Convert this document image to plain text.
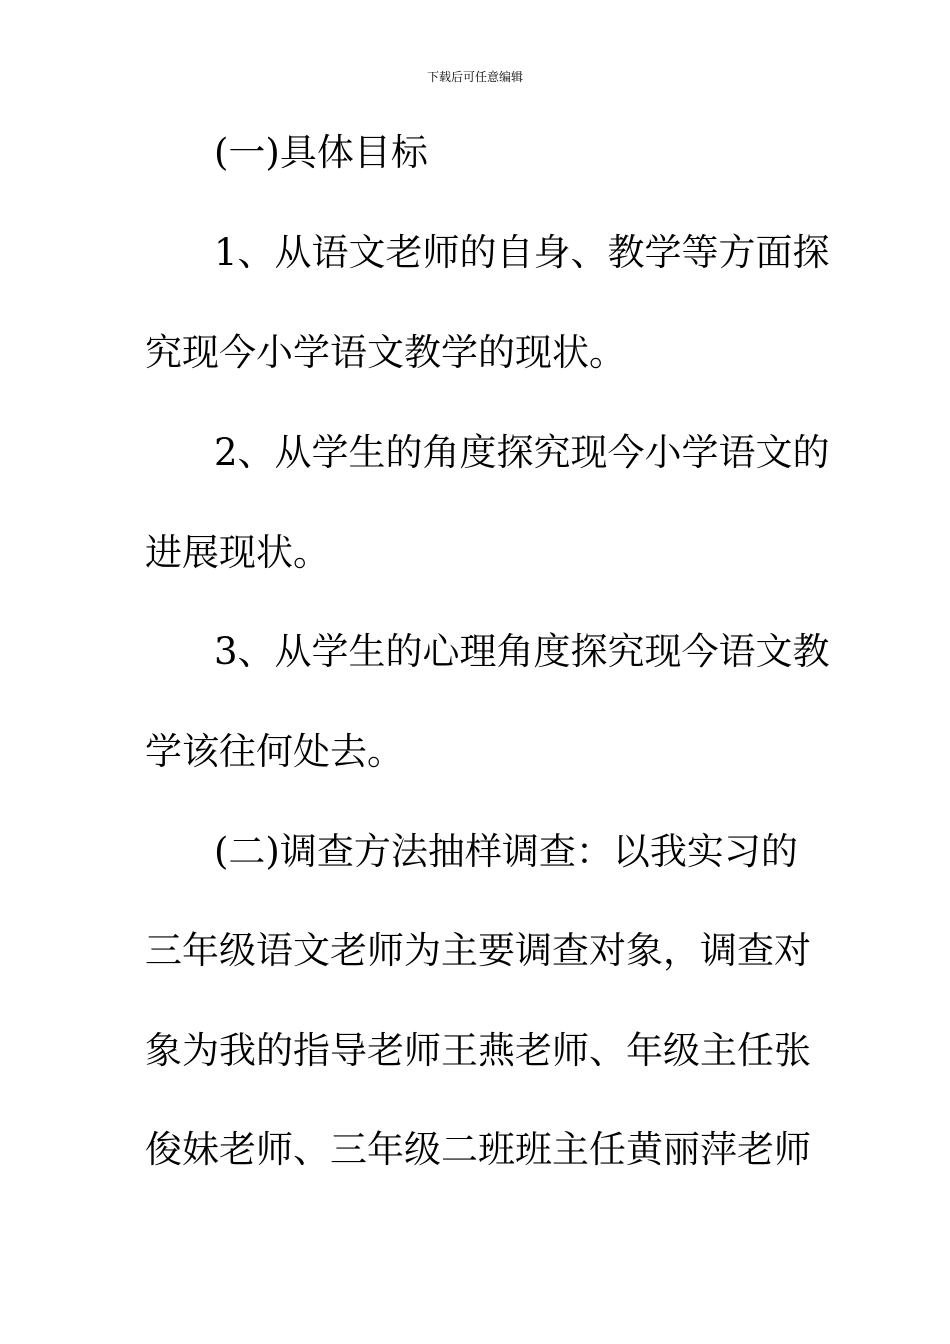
下载后可任意编辑
(一)具体目标
1、从语文老师的自身、教学等方面探
究现今小学语文教学的现状。
2、从学生的角度探究现今小学语文的
进展现状。
3、从学生的心理角度探究现今语文教
学该往何处去。
(二)调查方法抽样调查：以我实习的
三年级语文老师为主要调查对象，调查对
象为我的指导老师王燕老师、年级主任张
俊妹老师、三年级二班班主任黄丽萍老师
